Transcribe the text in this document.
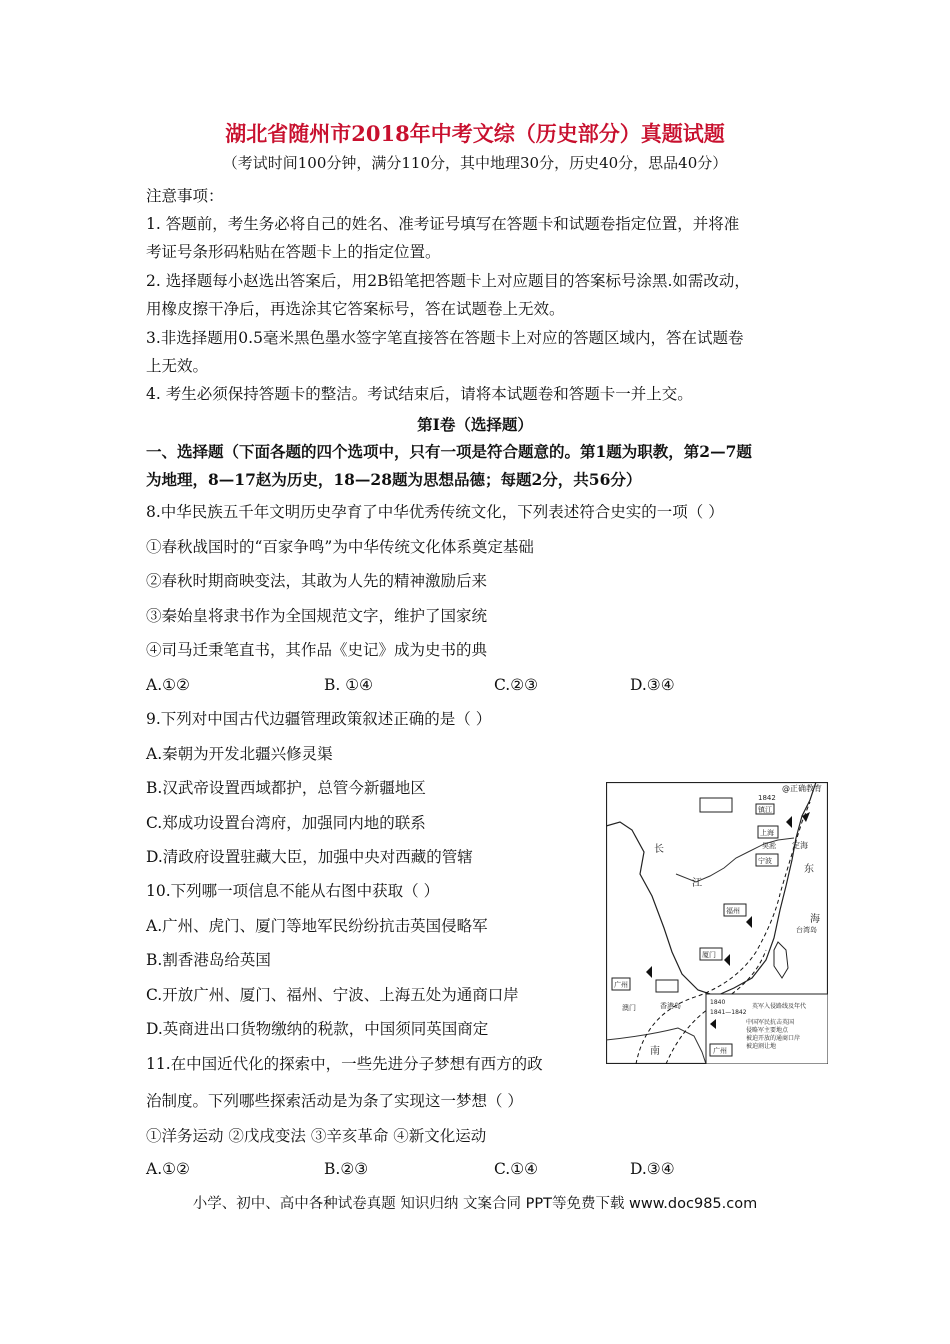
湖北省随州市2018年中考文综（历史部分）真题试题
（考试时间100分钟，满分110分，其中地理30分，历史40分，思品40分）
注意事项：
1. 答题前，考生务必将自己的姓名、准考证号填写在答题卡和试题卷指定位置，并将准
考证号条形码粘贴在答题卡上的指定位置。
2. 选择题每小赵选出答案后，用2B铅笔把答题卡上对应题目的答案标号涂黑.如需改动，
用橡皮擦干净后，再选涂其它答案标号，答在试题卷上无效。
3.非选择题用0.5毫米黑色墨水签字笔直接答在答题卡上对应的答题区域内，答在试题卷
上无效。
4. 考生必须保持答题卡的整洁。考试结束后，请将本试题卷和答题卡一并上交。
第Ⅰ卷（选择题）
一、选择题（下面各题的四个选项中，只有一项是符合题意的。第1题为职教，第2—7题
为地理，8—17赵为历史，18—28题为思想品德；每题2分，共56分）
8.中华民族五千年文明历史孕育了中华优秀传统文化，下列表述符合史实的一项（ ）
①春秋战国时的“百家争鸣”为中华传统文化体系奠定基础
②春秋时期商映变法，其敢为人先的精神激励后来
③秦始皇将隶书作为全国规范文字，维护了国家统
④司马迁秉笔直书，其作品《史记》成为史书的典
A.①②	B. ①④	C.②③	D.③④
9.下列对中国古代边疆管理政策叙述正确的是（ ）
A.秦朝为开发北疆兴修灵渠
B.汉武帝设置西域都护，总管今新疆地区
C.郑成功设置台湾府，加强同内地的联系
D.清政府设置驻藏大臣，加强中央对西藏的管辖
10.下列哪一项信息不能从右图中获取（ ）
A.广州、虎门、厦门等地军民纷纷抗击英国侵略军
B.割香港岛给英国
C.开放广州、厦门、福州、宁波、上海五处为通商口岸
D.英商进出口货物缴纳的税款，中国须同英国商定
11.在中国近代化的探索中，一些先进分子梦想有西方的政
治制度。下列哪些探索活动是为条了实现这一梦想（ ）
①洋务运动 ②戊戌变法 ③辛亥革命 ④新文化运动
A.①②	B.②③	C.①④	D.③④
小学、初中、高中各种试卷真题 知识归纳 文案合同 PPT等免费下载 www.doc985.com
@正确教育
1842
镇江
上海
吴淞
宁波
定海
长
江
东
海
福州
厦门
台湾岛
广州
澳门	香港岛
南
1840
1841—1842
英军入侵路线及年代
中国军民抗击英国
侵略军主要地点
被迫开放的通商口岸
广州
被迫割让地
